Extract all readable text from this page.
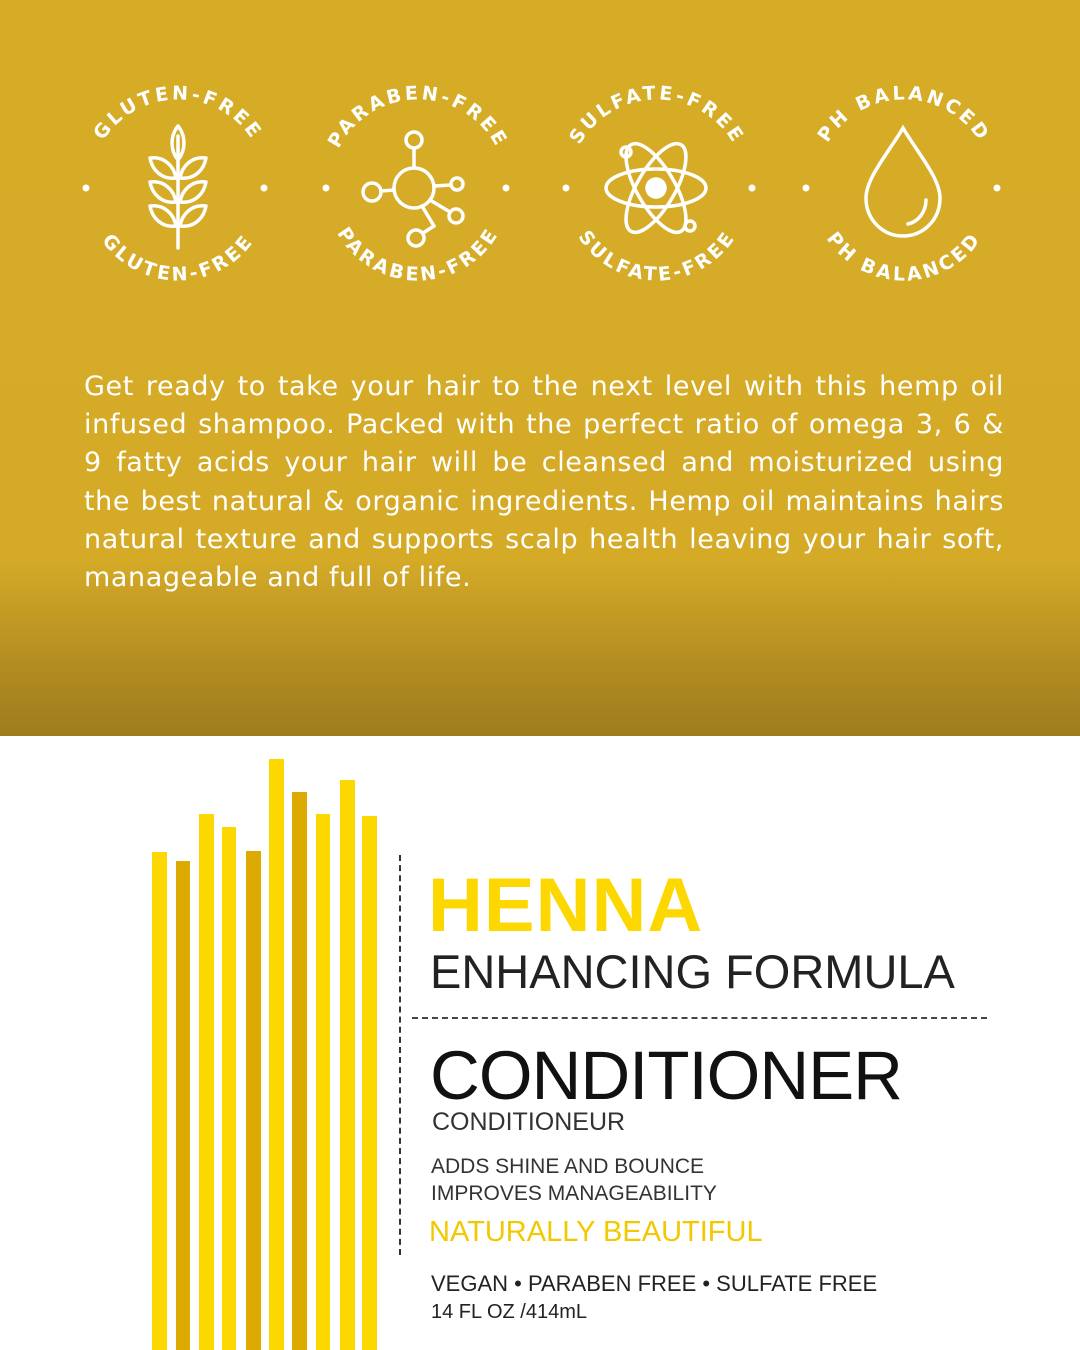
GLUTEN-FREE
GLUTEN-FREE
PARABEN-FREE
PARABEN-FREE
SULFATE-FREE
SULFATE-FREE
PH BALANCED
PH BALANCED

Get ready to take your hair to the next level with this hemp oil infused shampoo. Packed with the perfect ratio of omega 3, 6 & 9 fatty acids your hair will be cleansed and moisturized using the best natural & organic ingredients. Hemp oil maintains hairs natural texture and supports scalp health leaving your hair soft, manageable and full of life.

HENNA

ENHANCING FORMULA

CONDITIONER

CONDITIONEUR

ADDS SHINE AND BOUNCE

IMPROVES MANAGEABILITY

NATURALLY BEAUTIFUL

VEGAN • PARABEN FREE • SULFATE FREE

14 FL OZ /414mL
